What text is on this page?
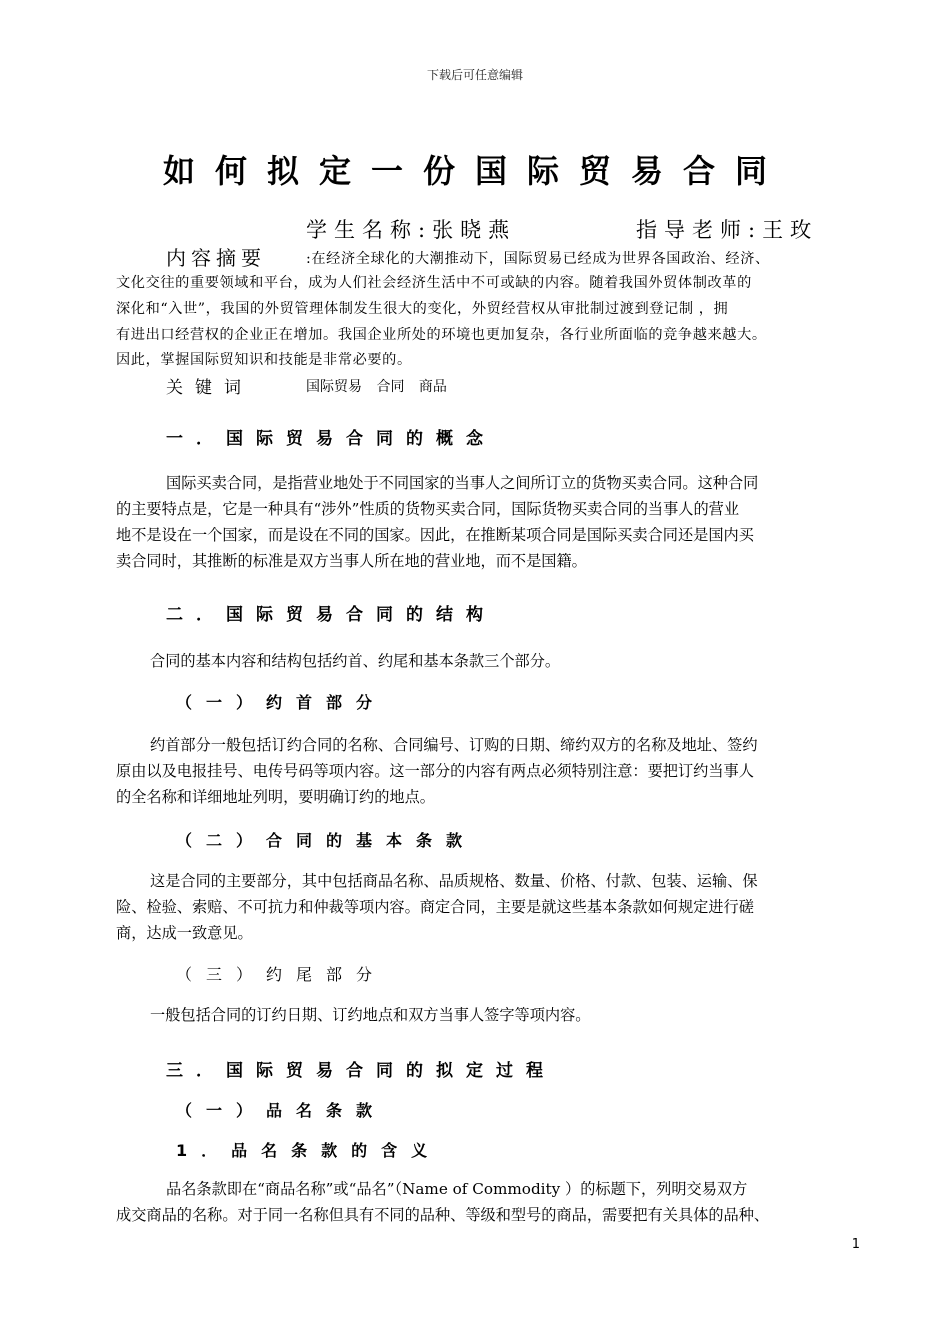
下载后可任意编辑
如何拟定一份国际贸易合同
学生名称:张晓燕	指导老师:王玫
内容摘要	:在经济全球化的大潮推动下，国际贸易已经成为世界各国政治、经济、
文化交往的重要领域和平台，成为人们社会经济生活中不可或缺的内容。随着我国外贸体制改革的
深化和“入世”，我国的外贸管理体制发生很大的变化，外贸经营权从审批制过渡到登记制 ，拥
有进出口经营权的企业正在增加。我国企业所处的环境也更加复杂，各行业所面临的竞争越来越大。
因此，掌握国际贸知识和技能是非常必要的。
关键词	国际贸易 合同 商品
一．国际贸易合同的概念
国际买卖合同，是指营业地处于不同国家的当事人之间所订立的货物买卖合同。这种合同
的主要特点是，它是一种具有“涉外”性质的货物买卖合同，国际货物买卖合同的当事人的营业
地不是设在一个国家，而是设在不同的国家。因此，在推断某项合同是国际买卖合同还是国内买
卖合同时，其推断的标准是双方当事人所在地的营业地，而不是国籍。
二．国际贸易合同的结构
合同的基本内容和结构包括约首、约尾和基本条款三个部分。
（一）约首部分
约首部分一般包括订约合同的名称、合同编号、订购的日期、缔约双方的名称及地址、签约
原由以及电报挂号、电传号码等项内容。这一部分的内容有两点必须特别注意：要把订约当事人
的全名称和详细地址列明，要明确订约的地点。
（二）合同的基本条款
这是合同的主要部分，其中包括商品名称、品质规格、数量、价格、付款、包装、运输、保
险、检验、索赔、不可抗力和仲裁等项内容。商定合同，主要是就这些基本条款如何规定进行磋
商，达成一致意见。
（三）约尾部分
一般包括合同的订约日期、订约地点和双方当事人签字等项内容。
三．国际贸易合同的拟定过程
（一）品名条款
1．品名条款的含义
品名条款即在“商品名称”或“品名”（Name of Commodity ）的标题下，列明交易双方
成交商品的名称。对于同一名称但具有不同的品种、等级和型号的商品，需要把有关具体的品种、
1
